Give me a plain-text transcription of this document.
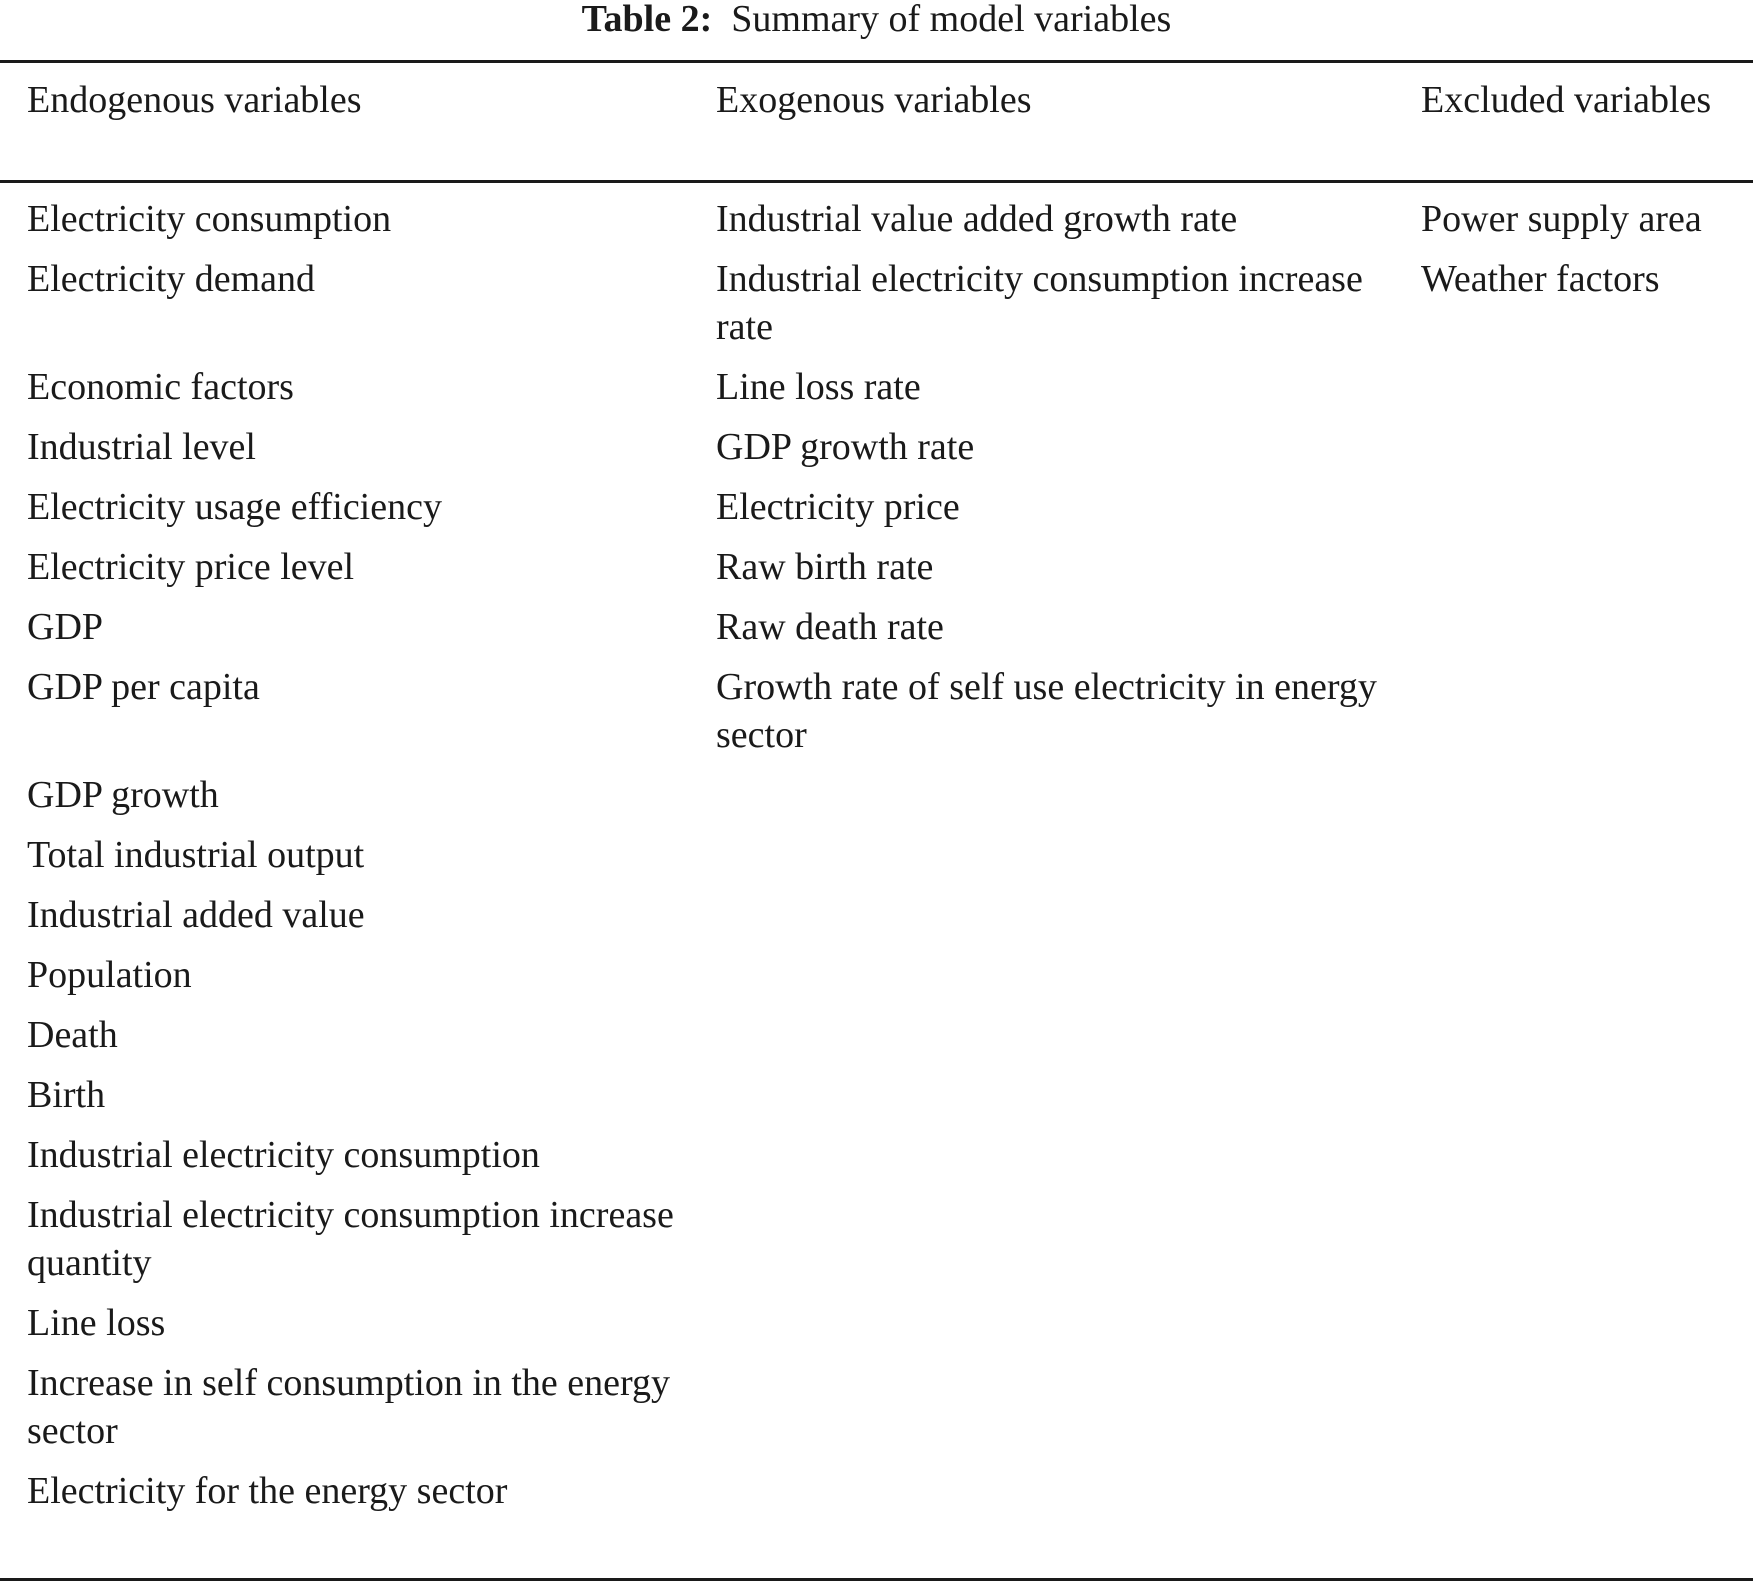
Table 2: Summary of model variables
Endogenous variables	Exogenous variables	Excluded variables
Electricity consumption	Industrial value added growth rate	Power supply area
Electricity demand	Industrial electricity consumption increase rate	Weather factors
Economic factors	Line loss rate	
Industrial level	GDP growth rate	
Electricity usage efficiency	Electricity price	
Electricity price level	Raw birth rate	
GDP	Raw death rate	
GDP per capita	Growth rate of self use electricity in energy sector	
GDP growth		
Total industrial output		
Industrial added value		
Population		
Death		
Birth		
Industrial electricity consumption		
Industrial electricity consumption increase quantity		
Line loss		
Increase in self consumption in the energy sector		
Electricity for the energy sector		
